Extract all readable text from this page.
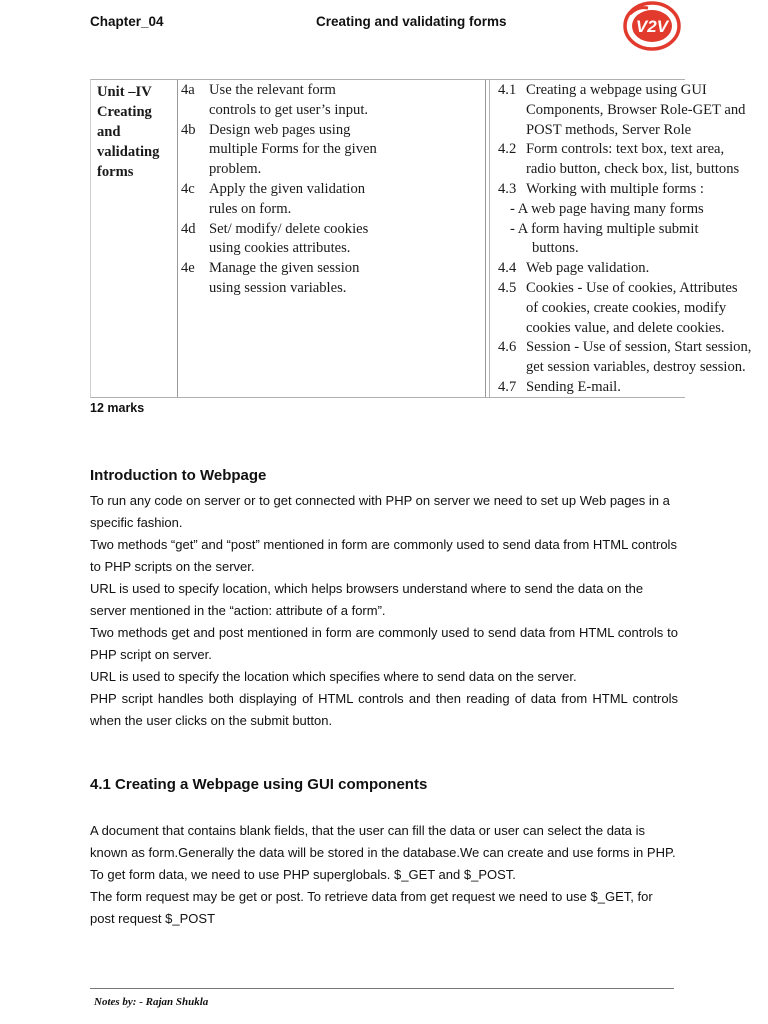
Chapter_04	Creating and validating forms	V2V
Unit –IV
Creating
and
validating
forms
4a Use the relevant form
controls to get user’s input.
4b Design web pages using
multiple Forms for the given
problem.
4c Apply the given validation
rules on form.
4d Set/ modify/ delete cookies
using cookies attributes.
4e Manage the given session
using session variables.
4.1 Creating a webpage using GUI
Components, Browser Role-GET and
POST methods, Server Role
4.2 Form controls: text box, text area,
radio button, check box, list, buttons
4.3 Working with multiple forms :
- A web page having many forms
- A form having multiple submit
buttons.
4.4 Web page validation.
4.5 Cookies - Use of cookies, Attributes
of cookies, create cookies, modify
cookies value, and delete cookies.
4.6 Session - Use of session, Start session,
get session variables, destroy session.
4.7 Sending E-mail.
12 marks
Introduction to Webpage

To run any code on server or to get connected with PHP on server we need to set up Web pages in a specific fashion.

Two methods “get” and “post” mentioned in form are commonly used to send data from HTML controls to PHP scripts on the server.

URL is used to specify location, which helps browsers understand where to send the data on the server mentioned in the “action: attribute of a form”.

Two methods get and post mentioned in form are commonly used to send data from HTML controls to PHP script on server.

URL is used to specify the location which specifies where to send data on the server.

PHP script handles both displaying of HTML controls and then reading of data from HTML controls when the user clicks on the submit button.

4.1 Creating a Webpage using GUI components

A document that contains blank fields, that the user can fill the data or user can select the data is known as form.Generally the data will be stored in the database.We can create and use forms in PHP. To get form data, we need to use PHP superglobals. $_GET and $_POST.

The form request may be get or post. To retrieve data from get request we need to use $_GET, for post request $_POST

Notes by: - Rajan Shukla
